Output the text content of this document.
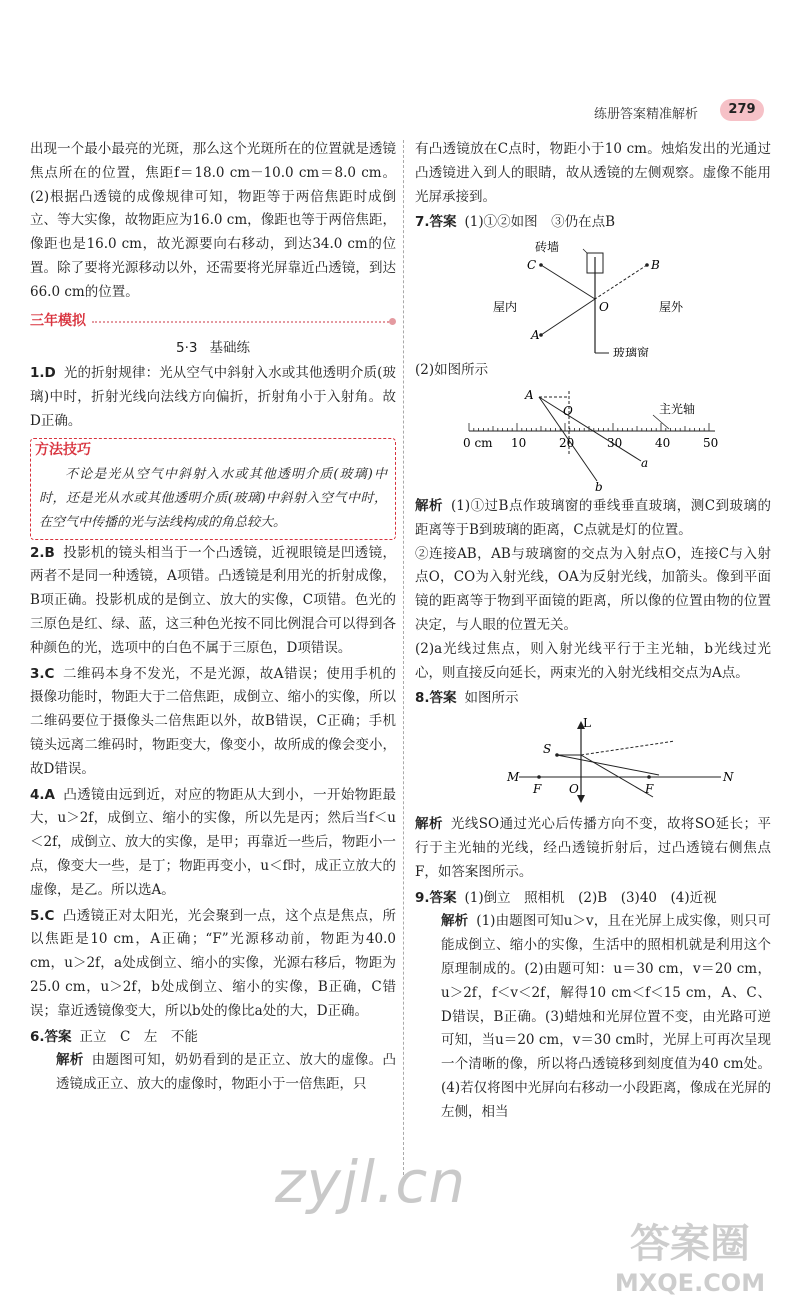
练册答案精准解析	279

出现一个最小最亮的光斑，那么这个光斑所在的位置就是透镜焦点所在的位置，焦距f＝18.0 cm－10.0 cm＝8.0 cm。(2)根据凸透镜的成像规律可知，物距等于两倍焦距时成倒立、等大实像，故物距应为16.0 cm，像距也等于两倍焦距，像距也是16.0 cm，故光源要向右移动，到达34.0 cm的位置。除了要将光源移动以外，还需要将光屏靠近凸透镜，到达66.0 cm的位置。

三年模拟
5·3 基础练

1.D 光的折射规律：光从空气中斜射入水或其他透明介质(玻璃)中时，折射光线向法线方向偏折，折射角小于入射角。故D正确。

方法技巧

不论是光从空气中斜射入水或其他透明介质(玻璃)中时，还是光从水或其他透明介质(玻璃)中斜射入空气中时，在空气中传播的光与法线构成的角总较大。

2.B 投影机的镜头相当于一个凸透镜，近视眼镜是凹透镜，两者不是同一种透镜，A项错。凸透镜是利用光的折射成像，B项正确。投影机成的是倒立、放大的实像，C项错。色光的三原色是红、绿、蓝，这三种色光按不同比例混合可以得到各种颜色的光，选项中的白色不属于三原色，D项错误。

3.C 二维码本身不发光，不是光源，故A错误；使用手机的摄像功能时，物距大于二倍焦距，成倒立、缩小的实像，所以二维码要位于摄像头二倍焦距以外，故B错误，C正确；手机镜头远离二维码时，物距变大，像变小，故所成的像会变小，故D错误。

4.A 凸透镜由远到近，对应的物距从大到小，一开始物距最大，u＞2f，成倒立、缩小的实像，所以先是丙；然后当f＜u＜2f，成倒立、放大的实像，是甲；再靠近一些后，物距小一点，像变大一些，是丁；物距再变小，u＜f时，成正立放大的虚像，是乙。所以选A。

5.C 凸透镜正对太阳光，光会聚到一点，这个点是焦点，所以焦距是10 cm，A正确；“F”光源移动前，物距为40.0 cm，u＞2f，a处成倒立、缩小的实像，光源右移后，物距为25.0 cm，u＞2f，b处成倒立、缩小的实像，B正确，C错误；靠近透镜像变大，所以b处的像比a处的大，D正确。

6.答案 正立　C　左　不能

解析 由题图可知，奶奶看到的是正立、放大的虚像。凸透镜成正立、放大的虚像时，物距小于一倍焦距，只

有凸透镜放在C点时，物距小于10 cm。烛焰发出的光通过凸透镜进入到人的眼睛，故从透镜的左侧观察。虚像不能用光屏承接到。

7.答案 (1)①②如图　③仍在点B

砖墙
C	B
O
A
屋内	屋外
玻璃窗

(2)如图所示

A
O	主光轴
a
b
0 cm 10	20	30	40	50

解析 (1)①过B点作玻璃窗的垂线垂直玻璃，测C到玻璃的距离等于B到玻璃的距离，C点就是灯的位置。

②连接AB，AB与玻璃窗的交点为入射点O，连接C与入射点O，CO为入射光线，OA为反射光线，加箭头。像到平面镜的距离等于物到平面镜的距离，所以像的位置由物的位置决定，与人眼的位置无关。

(2)a光线过焦点，则入射光线平行于主光轴，b光线过光心，则直接反向延长，两束光的入射光线相交点为A点。

8.答案 如图所示

L
S
M
F O	F
N

解析 光线SO通过光心后传播方向不变，故将SO延长；平行于主光轴的光线，经凸透镜折射后，过凸透镜右侧焦点F，如答案图所示。

9.答案 (1)倒立　照相机　(2)B　(3)40　(4)近视

解析 (1)由题图可知u＞v，且在光屏上成实像，则只可能成倒立、缩小的实像，生活中的照相机就是利用这个原理制成的。(2)由题可知：u＝30 cm，v＝20 cm，u＞2f，f＜v＜2f，解得10 cm＜f＜15 cm，A、C、D错误，B正确。(3)蜡烛和光屏位置不变，由光路可逆可知，当u＝20 cm，v＝30 cm时，光屏上可再次呈现一个清晰的像，所以将凸透镜移到刻度值为40 cm处。(4)若仅将图中光屏向右移动一小段距离，像成在光屏的左侧，相当

zyjl.cn
答案圈
MXQE.COM
